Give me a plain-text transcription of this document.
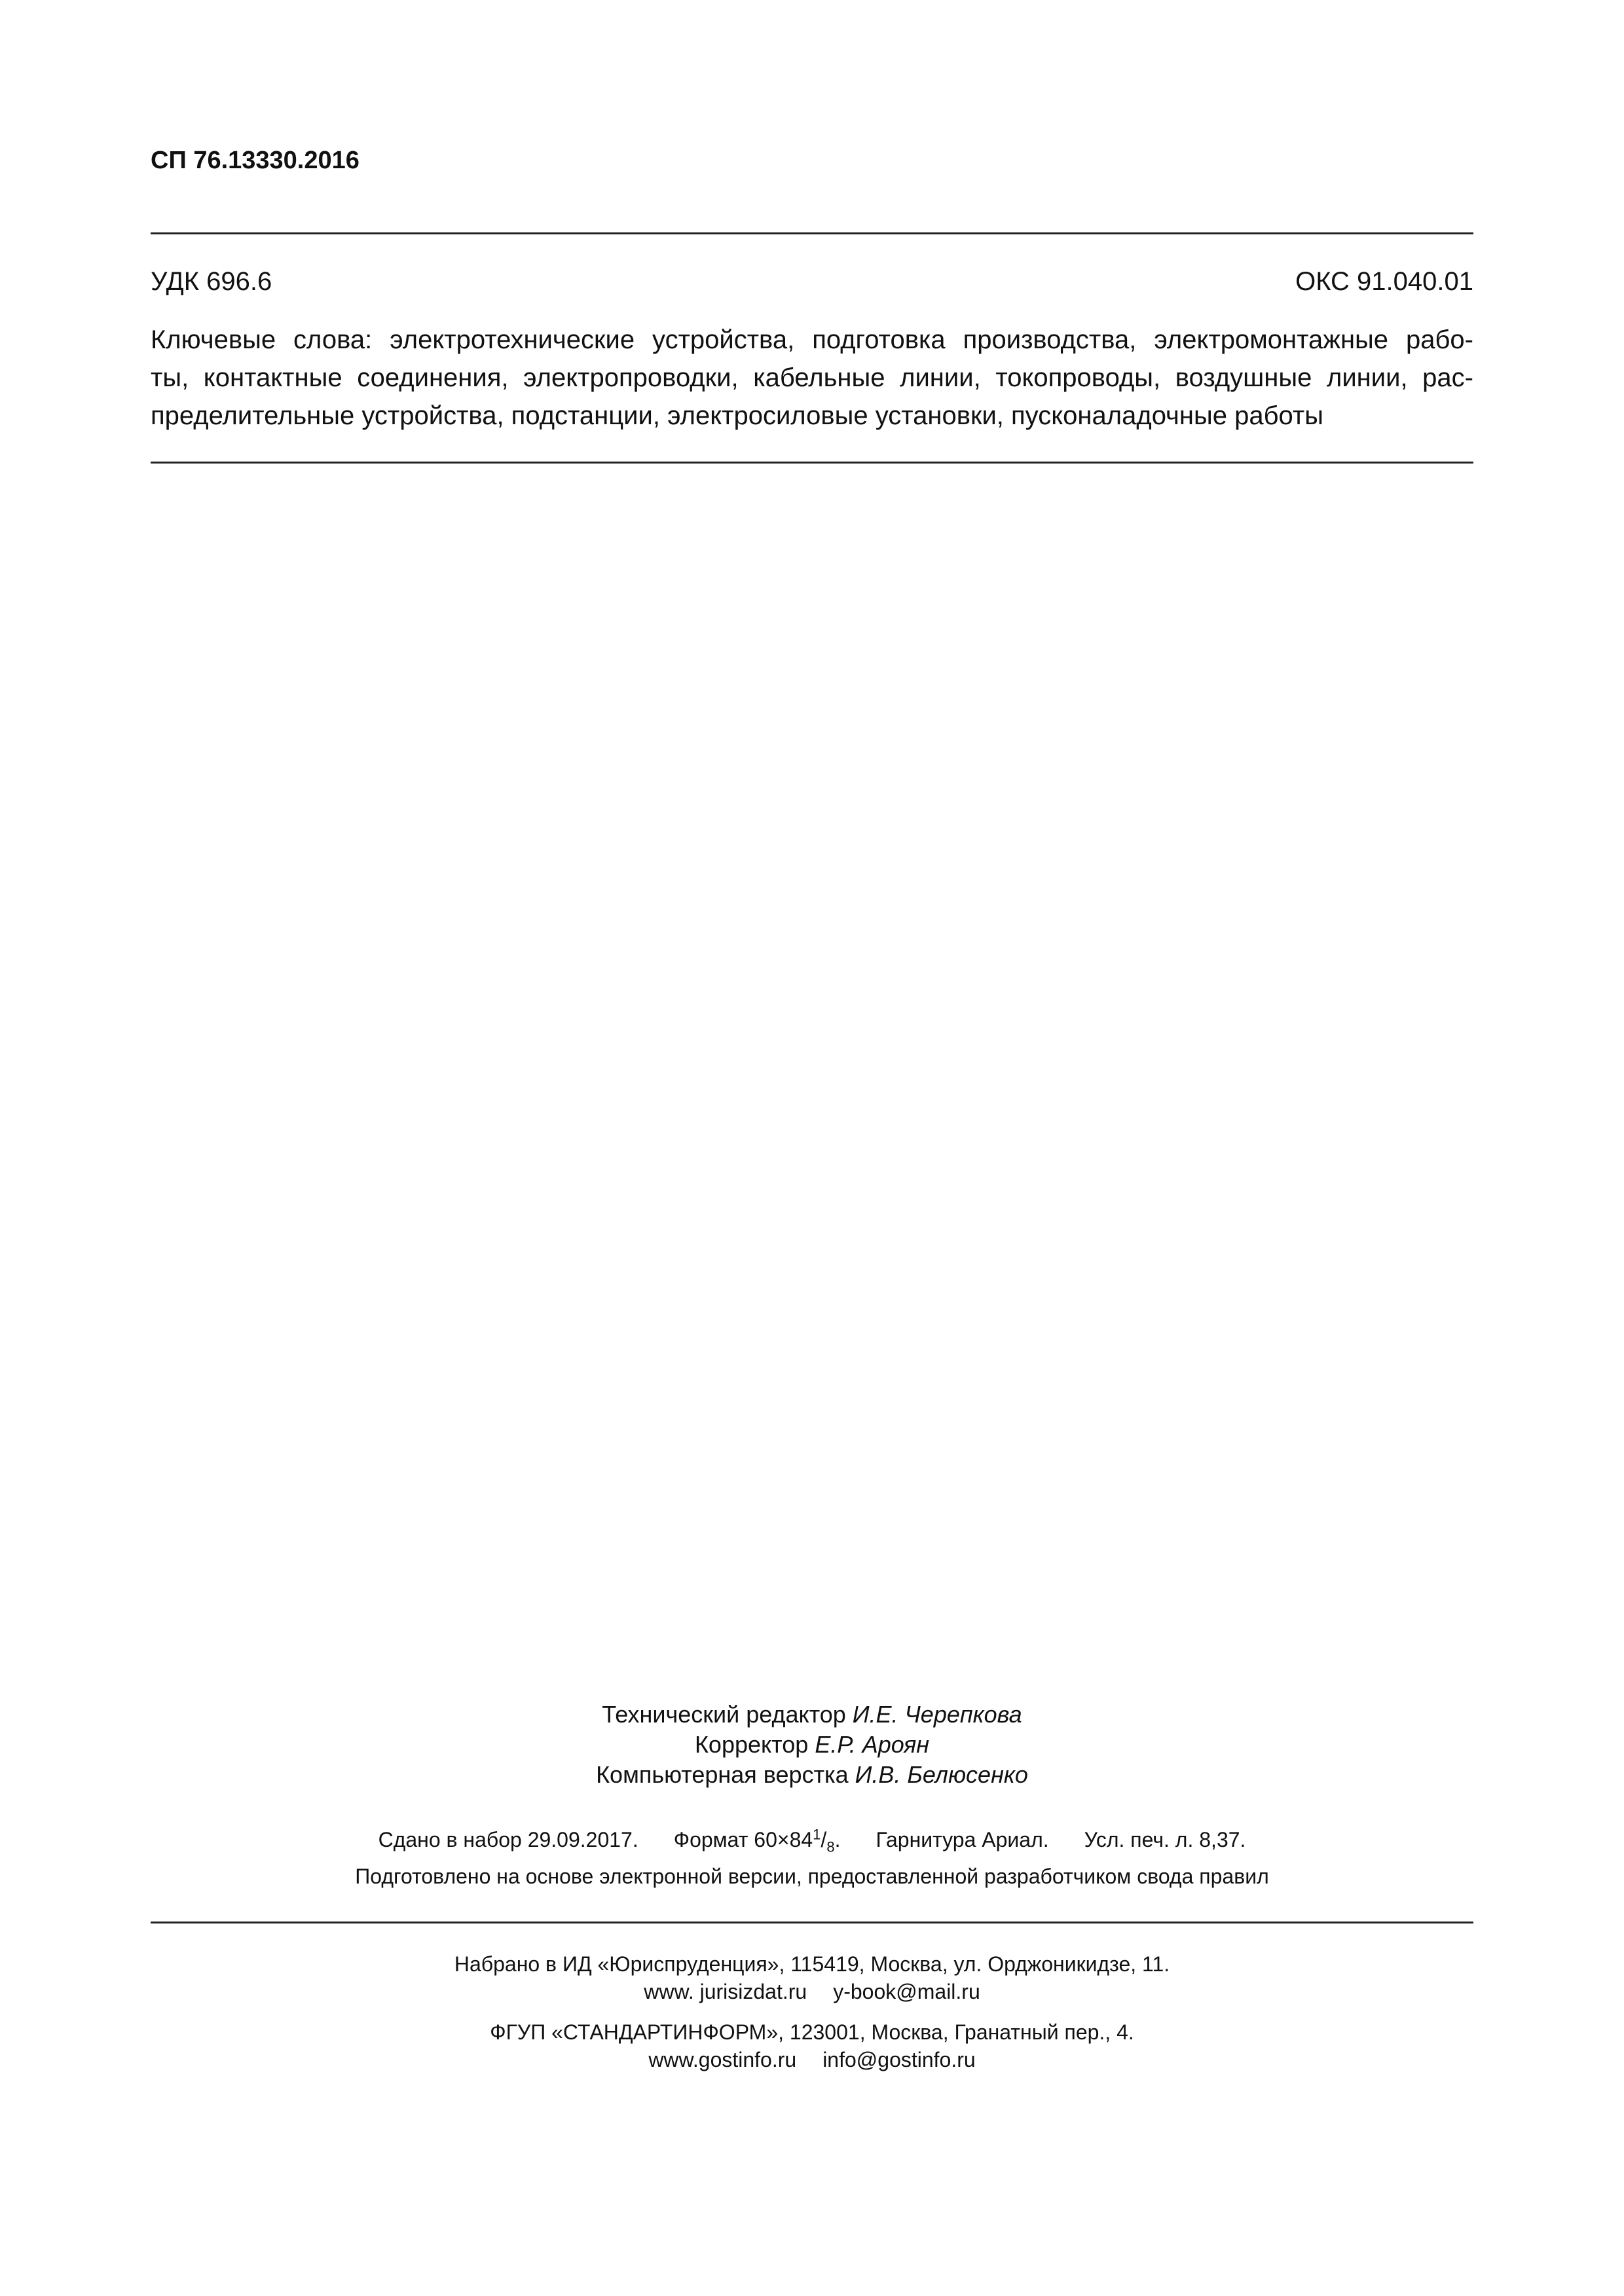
СП 76.13330.2016
УДК 696.6	ОКС 91.040.01
Ключевые слова: электротехнические устройства, подготовка производства, электромонтажные рабо-
ты, контактные соединения, электропроводки, кабельные линии, токопроводы, воздушные линии, рас-
пределительные устройства, подстанции, электросиловые установки, пусконаладочные работы
Технический редактор И.Е. Черепкова
Корректор Е.Р. Ароян
Компьютерная верстка И.В. Белюсенко
Сдано в набор 29.09.2017. Формат $60\times 84^1/_8$. Гарнитура Ариал. Усл. печ. л. 8,37.
Подготовлено на основе электронной версии, предоставленной разработчиком свода правил
Набрано в ИД «Юриспруденция», 115419, Москва, ул. Орджоникидзе, 11.
www. jurisizdat.ru y-book@mail.ru
ФГУП «СТАНДАРТИНФОРМ», 123001, Москва, Гранатный пер., 4.
www.gostinfo.ru info@gostinfo.ru
